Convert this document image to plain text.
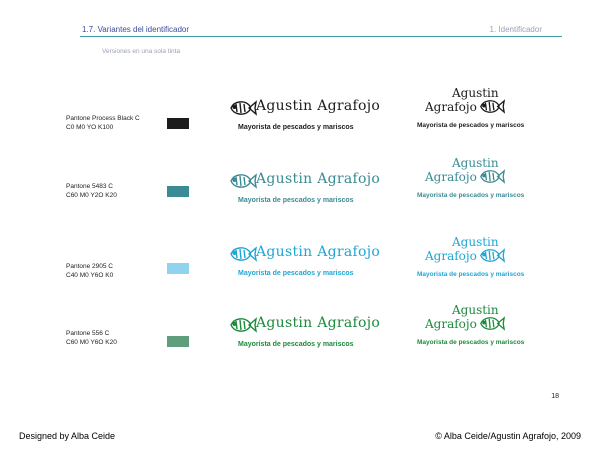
1.7. Variantes del identificador	1. Identificador
Versiones en una sola tinta
Pantone Process Black C
C0 M0 YO K100
Agustin Agrafojo
Mayorista de pescados y mariscos
Agustin
Agrafojo
Mayorista de pescados y mariscos
Pantone 5483 C
C60 M0 Y2O K20
Agustin Agrafojo
Mayorista de pescados y mariscos
Agustin
Agrafojo
Mayorista de pescados y mariscos
Pantone 2905 C
C40 M0 Y6O K0
Agustin Agrafojo
Mayorista de pescados y mariscos
Agustin
Agrafojo
Mayorista de pescados y mariscos
Pantone 556 C
C60 M0 Y6O K20
Agustin Agrafojo
Mayorista de pescados y mariscos
Agustin
Agrafojo
Mayorista de pescados y mariscos
18
Designed by Alba Ceide	© Alba Ceide/Agustin Agrafojo, 2009
